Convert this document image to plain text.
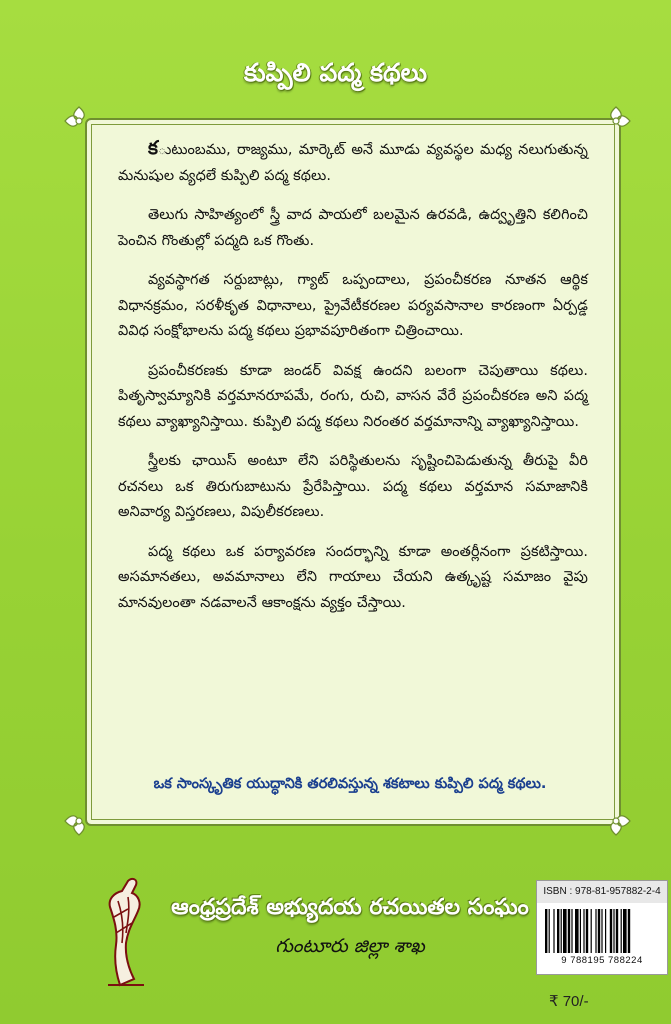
కుప్పిలి పద్మ కథలు

కుటుంబము, రాజ్యము, మార్కెట్ అనే మూడు వ్యవస్థల మధ్య నలుగుతున్న మనుషుల వ్యధలే కుప్పిలి పద్మ కథలు.

తెలుగు సాహిత్యంలో స్త్రీ వాద పాయలో బలమైన ఉరవడి, ఉద్వృత్తిని కలిగించి పెంచిన గొంతుల్లో పద్మది ఒక గొంతు.

వ్యవస్థాగత సర్దుబాట్లు, గ్యాట్ ఒప్పందాలు, ప్రపంచీకరణ నూతన ఆర్థిక విధానక్రమం, సరళీకృత విధానాలు, ప్రైవేటీకరణల పర్యవసానాల కారణంగా ఏర్పడ్డ వివిధ సంక్షోభాలను పద్మ కథలు ప్రభావపూరితంగా చిత్రించాయి.

ప్రపంచీకరణకు కూడా జండర్ వివక్ష ఉందని బలంగా చెపుతాయి కథలు. పితృస్వామ్యానికి వర్తమానరూపమే, రంగు, రుచి, వాసన వేరే ప్రపంచీకరణ అని పద్మ కథలు వ్యాఖ్యానిస్తాయి. కుప్పిలి పద్మ కథలు నిరంతర వర్తమానాన్ని వ్యాఖ్యానిస్తాయి.

స్త్రీలకు ఛాయిస్ అంటూ లేని పరిస్థితులను సృష్టించిపెడుతున్న తీరుపై వీరి రచనలు ఒక తిరుగుబాటును ప్రేరేపిస్తాయి. పద్మ కథలు వర్తమాన సమాజానికి అనివార్య విస్తరణలు, విపులీకరణలు.

పద్మ కథలు ఒక పర్యావరణ సందర్భాన్ని కూడా అంతర్లీనంగా ప్రకటిస్తాయి. అసమానతలు, అవమానాలు లేని గాయాలు చేయని ఉత్కృష్ట సమాజం వైపు మానవులంతా నడవాలనే ఆకాంక్షను వ్యక్తం చేస్తాయి.

ఒక సాంస్కృతిక యుద్ధానికి తరలివస్తున్న శకటాలు కుప్పిలి పద్మ కథలు.
ఆంధ్రప్రదేశ్ అభ్యుదయ రచయితల సంఘం
గుంటూరు జిల్లా శాఖ
ISBN : 978-81-957882-2-4
9 788195 788224
₹ 70/-
